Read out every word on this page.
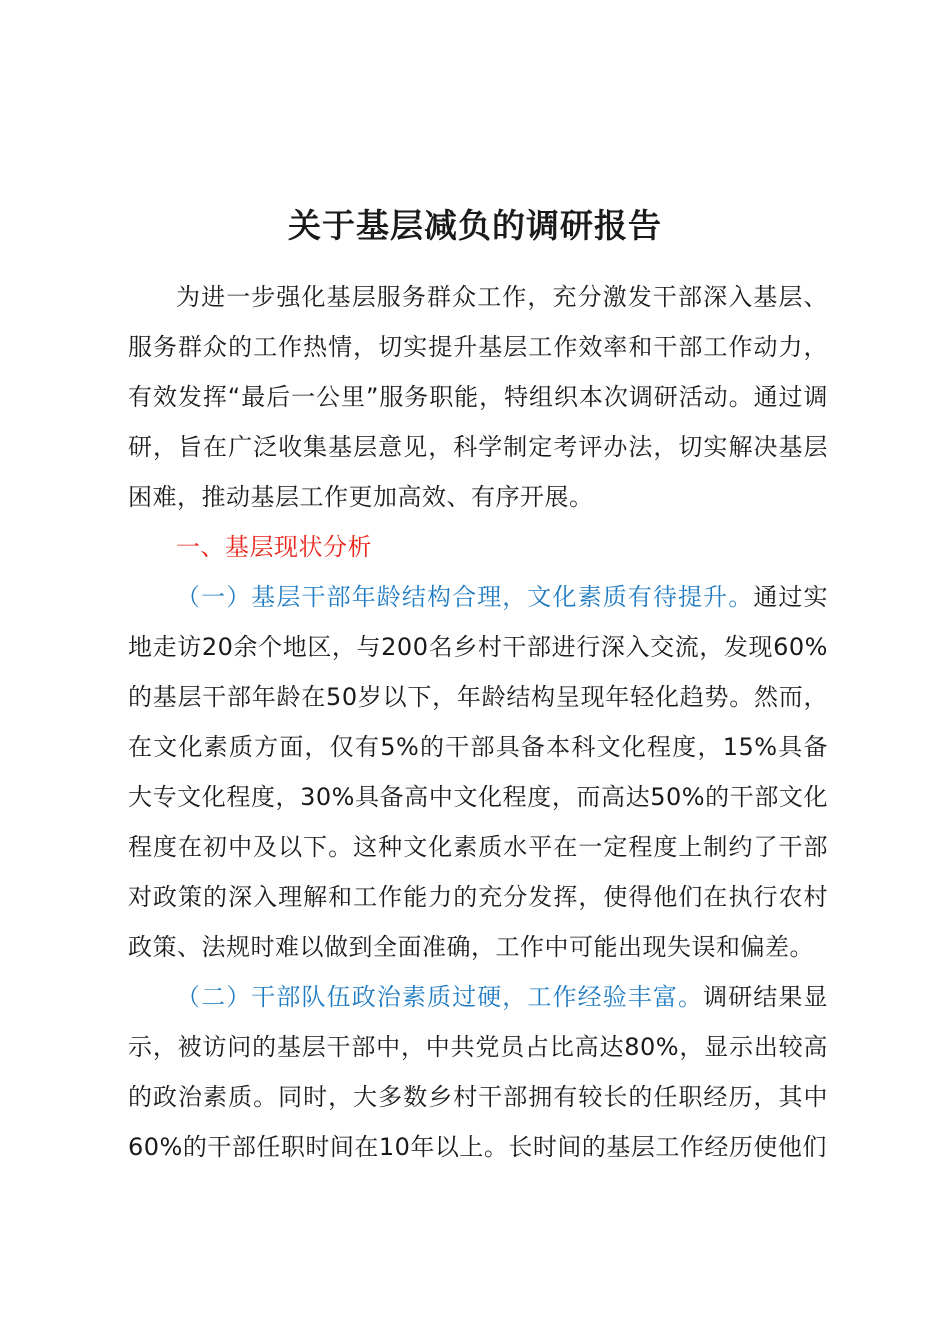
关于基层减负的调研报告

为进一步强化基层服务群众工作，充分激发干部深入基层、服务群众的工作热情，切实提升基层工作效率和干部工作动力，有效发挥“最后一公里”服务职能，特组织本次调研活动。通过调研，旨在广泛收集基层意见，科学制定考评办法，切实解决基层困难，推动基层工作更加高效、有序开展。

一、基层现状分析

（一）基层干部年龄结构合理，文化素质有待提升。通过实地走访20余个地区，与200名乡村干部进行深入交流，发现60%的基层干部年龄在50岁以下，年龄结构呈现年轻化趋势。然而，在文化素质方面，仅有5%的干部具备本科文化程度，15%具备大专文化程度，30%具备高中文化程度，而高达50%的干部文化程度在初中及以下。这种文化素质水平在一定程度上制约了干部对政策的深入理解和工作能力的充分发挥，使得他们在执行农村政策、法规时难以做到全面准确，工作中可能出现失误和偏差。

（二）干部队伍政治素质过硬，工作经验丰富。调研结果显示，被访问的基层干部中，中共党员占比高达80%，显示出较高的政治素质。同时，大多数乡村干部拥有较长的任职经历，其中60%的干部任职时间在10年以上。长时间的基层工作经历使他们
